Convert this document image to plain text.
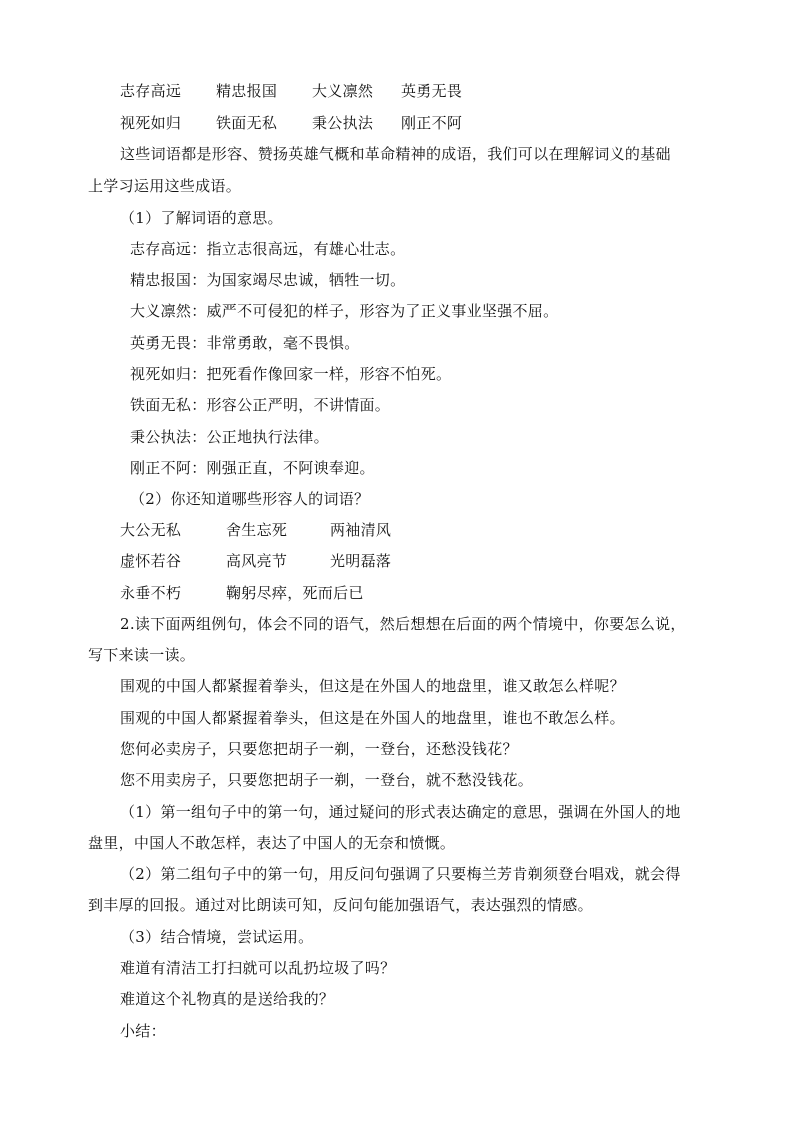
志存高远 精忠报国 大义凛然 英勇无畏
视死如归 铁面无私 秉公执法 刚正不阿
这些词语都是形容、赞扬英雄气概和革命精神的成语，我们可以在理解词义的基础
上学习运用这些成语。
（1）了解词语的意思。
志存高远：指立志很高远，有雄心壮志。
精忠报国：为国家竭尽忠诚，牺牲一切。
大义凛然：威严不可侵犯的样子，形容为了正义事业坚强不屈。
英勇无畏：非常勇敢，毫不畏惧。
视死如归：把死看作像回家一样，形容不怕死。
铁面无私：形容公正严明，不讲情面。
秉公执法：公正地执行法律。
刚正不阿：刚强正直，不阿谀奉迎。
（2）你还知道哪些形容人的词语？
大公无私	舍生忘死	两袖清风
虚怀若谷	高风亮节	光明磊落
永垂不朽	鞠躬尽瘁，死而后已
2.读下面两组例句，体会不同的语气，然后想想在后面的两个情境中，你要怎么说，
写下来读一读。
围观的中国人都紧握着拳头，但这是在外国人的地盘里，谁又敢怎么样呢？
围观的中国人都紧握着拳头，但这是在外国人的地盘里，谁也不敢怎么样。
您何必卖房子，只要您把胡子一剃，一登台，还愁没钱花？
您不用卖房子，只要您把胡子一剃，一登台，就不愁没钱花。
（1）第一组句子中的第一句，通过疑问的形式表达确定的意思，强调在外国人的地
盘里，中国人不敢怎样，表达了中国人的无奈和愤慨。
（2）第二组句子中的第一句，用反问句强调了只要梅兰芳肯剃须登台唱戏，就会得
到丰厚的回报。通过对比朗读可知，反问句能加强语气，表达强烈的情感。
（3）结合情境，尝试运用。
难道有清洁工打扫就可以乱扔垃圾了吗？
难道这个礼物真的是送给我的？
小结：
